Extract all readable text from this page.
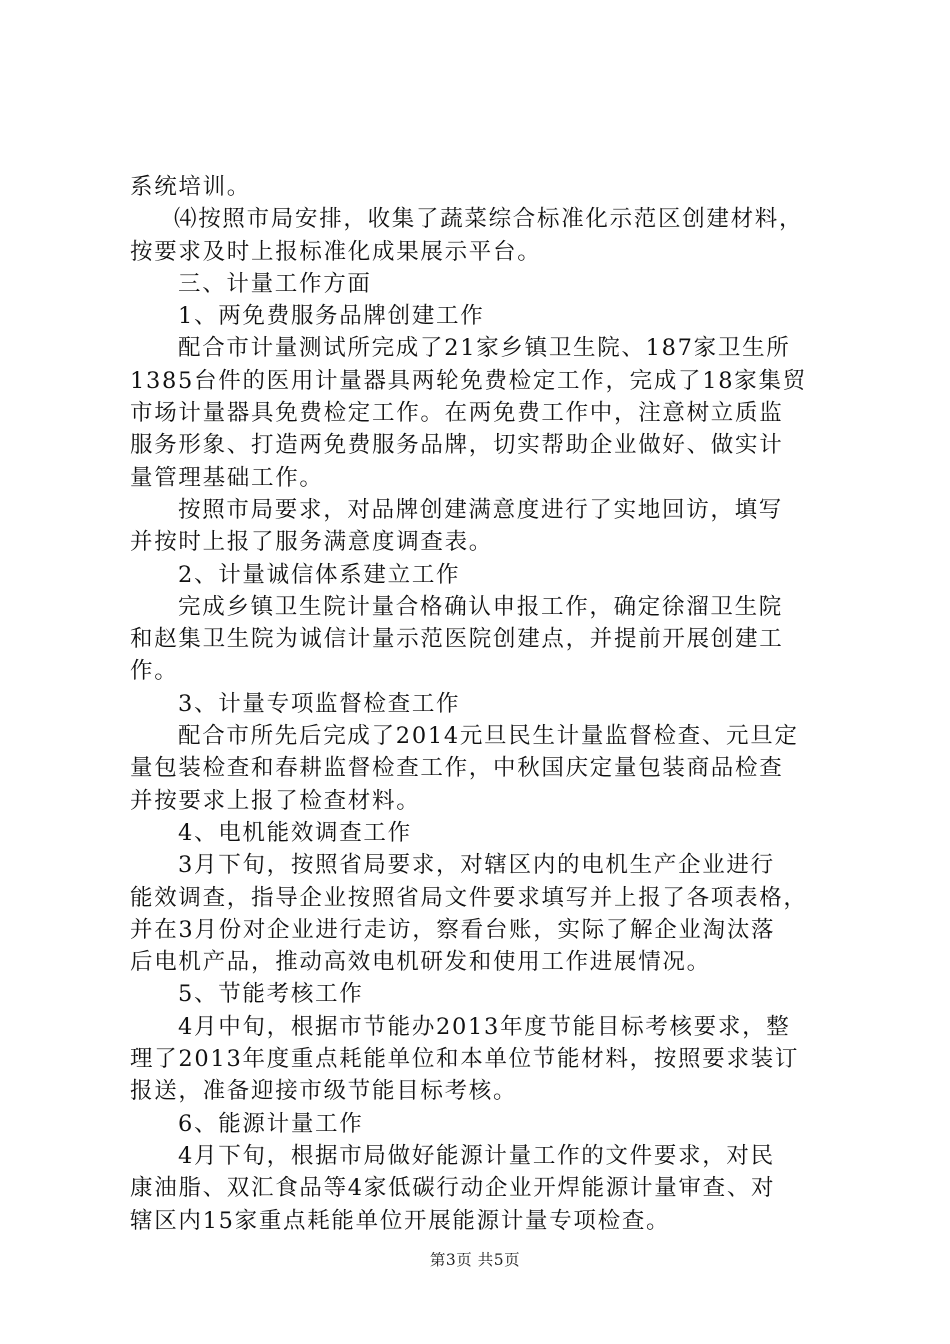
系统培训。
⑷按照市局安排，收集了蔬菜综合标准化示范区创建材料，
按要求及时上报标准化成果展示平台。
三、计量工作方面
1、两免费服务品牌创建工作
配合市计量测试所完成了21家乡镇卫生院、187家卫生所
1385台件的医用计量器具两轮免费检定工作，完成了18家集贸
市场计量器具免费检定工作。在两免费工作中，注意树立质监
服务形象、打造两免费服务品牌，切实帮助企业做好、做实计
量管理基础工作。
按照市局要求，对品牌创建满意度进行了实地回访，填写
并按时上报了服务满意度调查表。
2、计量诚信体系建立工作
完成乡镇卫生院计量合格确认申报工作，确定徐溜卫生院
和赵集卫生院为诚信计量示范医院创建点，并提前开展创建工
作。
3、计量专项监督检查工作
配合市所先后完成了2014元旦民生计量监督检查、元旦定
量包装检查和春耕监督检查工作，中秋国庆定量包装商品检查
并按要求上报了检查材料。
4、电机能效调查工作
3月下旬，按照省局要求，对辖区内的电机生产企业进行
能效调查，指导企业按照省局文件要求填写并上报了各项表格，
并在3月份对企业进行走访，察看台账，实际了解企业淘汰落
后电机产品，推动高效电机研发和使用工作进展情况。
5、节能考核工作
4月中旬，根据市节能办2013年度节能目标考核要求，整
理了2013年度重点耗能单位和本单位节能材料，按照要求装订
报送，准备迎接市级节能目标考核。
6、能源计量工作
4月下旬，根据市局做好能源计量工作的文件要求，对民
康油脂、双汇食品等4家低碳行动企业开焊能源计量审查、对
辖区内15家重点耗能单位开展能源计量专项检查。
第3页 共5页
